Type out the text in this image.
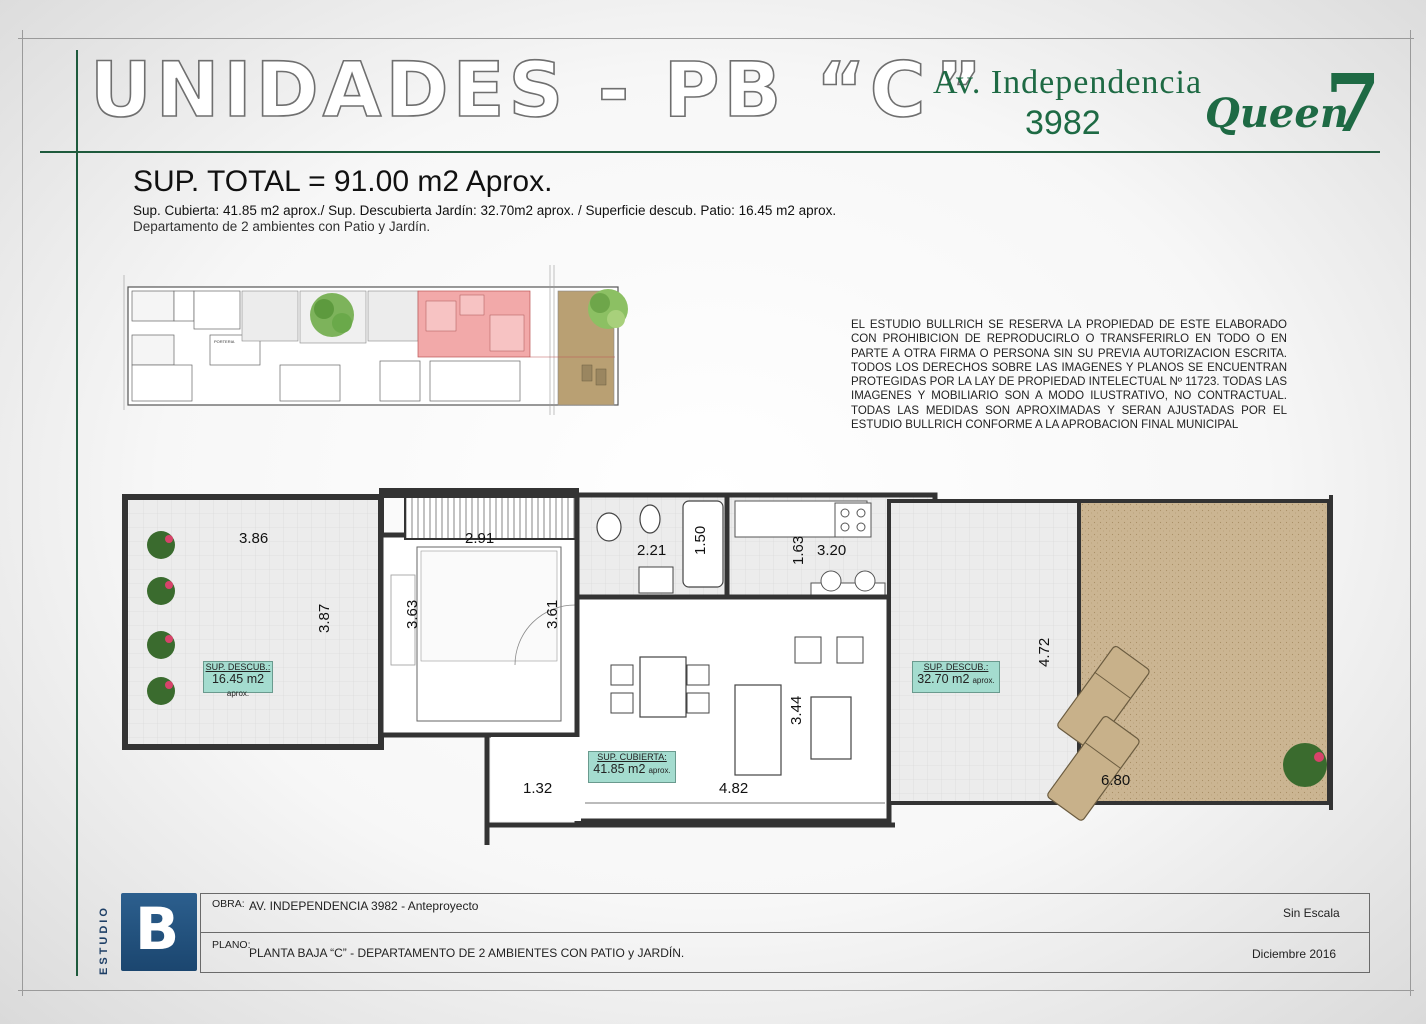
UNIDADES - PB “C”
Av. Independencia
3982	Queen
7
SUP. TOTAL = 91.00 m2 Aprox.
Sup. Cubierta: 41.85 m2 aprox./ Sup. Descubierta Jardín: 32.70m2 aprox. / Superficie descub. Patio: 16.45 m2 aprox.
Departamento de 2 ambientes con Patio y Jardín.
EL ESTUDIO BULLRICH SE RESERVA LA PROPIEDAD DE ESTE ELABORADO CON PROHIBICION DE REPRODUCIRLO O TRANSFERIRLO EN TODO O EN PARTE A OTRA FIRMA O PERSONA SIN SU PREVIA AUTORIZACION ESCRITA. TODOS LOS DERECHOS SOBRE LAS IMAGENES Y PLANOS SE ENCUENTRAN PROTEGIDAS POR LA LAY DE PROPIEDAD INTELECTUAL Nº 11723. TODAS LAS IMAGENES Y MOBILIARIO SON A MODO ILUSTRATIVO, NO CONTRACTUAL. TODAS LAS MEDIDAS SON APROXIMADAS Y SERAN AJUSTADAS POR EL ESTUDIO BULLRICH CONFORME A LA APROBACION FINAL MUNICIPAL
PORTERIA
3.86
3.87
2.91
3.63	3.61
2.21 1.50	1.63 3.20
4.72
3.44
1.32	4.82	6.80
SUP. DESCUB.:
16.45 m2 aprox.
SUP. DESCUB.:
32.70 m2 aprox.
SUP. CUBIERTA:
41.85 m2 aprox.
B
ESTUDIO
OBRA: AV. INDEPENDENCIA 3982 - Anteproyecto
PLANO:
PLANTA BAJA “C” - DEPARTAMENTO DE 2 AMBIENTES CON PATIO y JARDÍN.
Sin Escala
Diciembre 2016
